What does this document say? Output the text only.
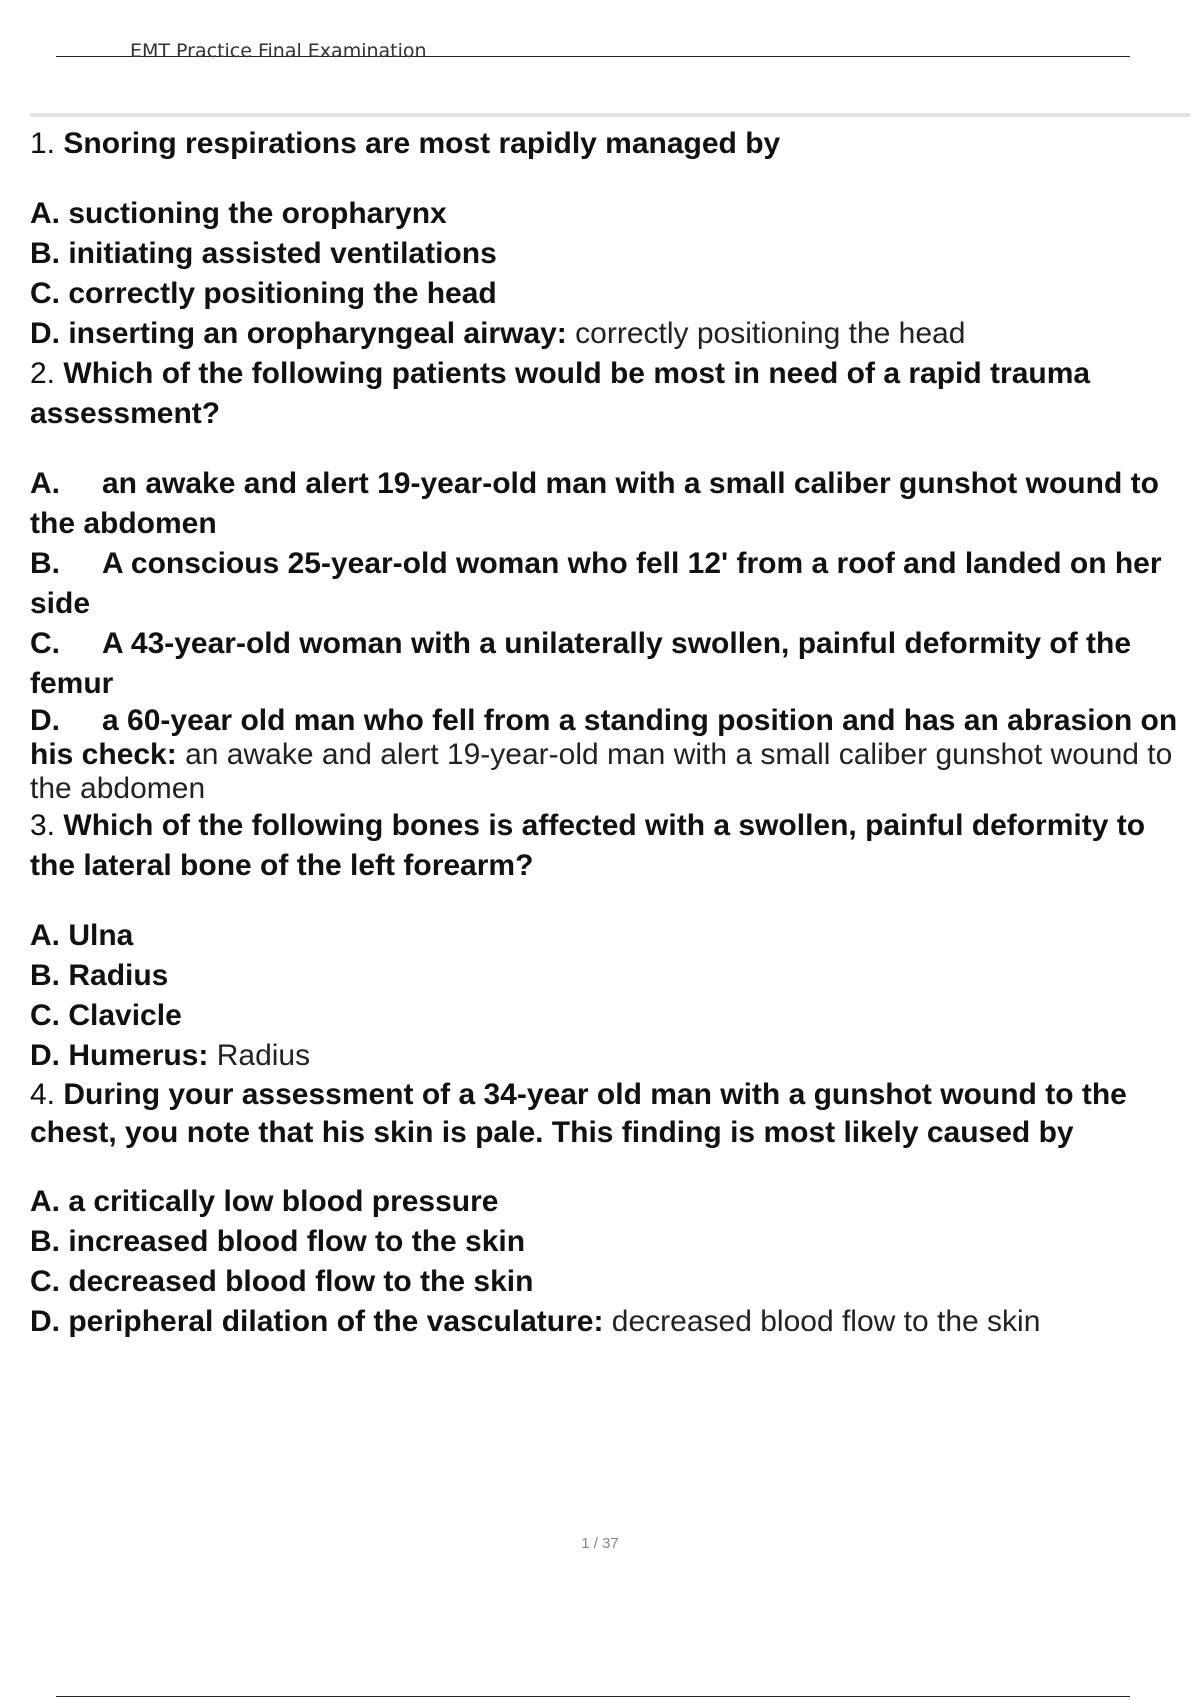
EMT Practice Final Examination

1. Snoring respirations are most rapidly managed by

A. suctioning the oropharynx

B. initiating assisted ventilations

C. correctly positioning the head

D. inserting an oropharyngeal airway: correctly positioning the head

2. Which of the following patients would be most in need of a rapid trauma assessment?

A. an awake and alert 19-year-old man with a small caliber gunshot wound to the abdomen

B. A conscious 25-year-old woman who fell 12' from a roof and landed on her side

C. A 43-year-old woman with a unilaterally swollen, painful deformity of the femur

D. a 60-year old man who fell from a standing position and has an abrasion on his check: an awake and alert 19-year-old man with a small caliber gunshot wound to the abdomen

3. Which of the following bones is affected with a swollen, painful deformity to the lateral bone of the left forearm?

A. Ulna

B. Radius

C. Clavicle

D. Humerus: Radius

4. During your assessment of a 34-year old man with a gunshot wound to the chest, you note that his skin is pale. This finding is most likely caused by

A. a critically low blood pressure

B. increased blood flow to the skin

C. decreased blood flow to the skin

D. peripheral dilation of the vasculature: decreased blood flow to the skin

1 / 37
